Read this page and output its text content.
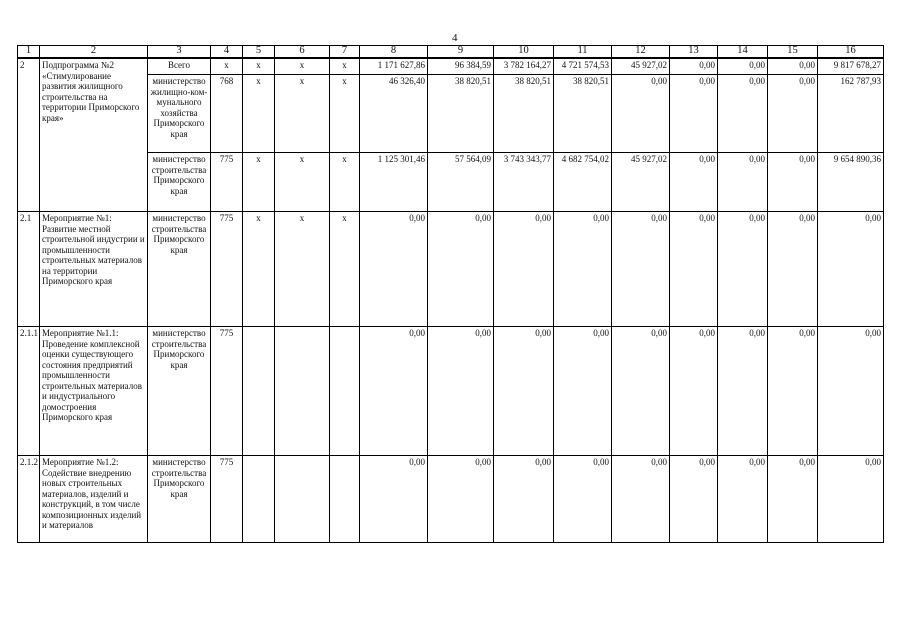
4
1	2	3	4	5	6	7	8	9	10	11	12	13	14	15	16
2	Подпрограмма №2 «Стимулирование развития жилищного строительства на территории Приморского края»	Всего	х	х	х	х	1 171 627,86	96 384,59	3 782 164,27	4 721 574,53	45 927,02	0,00	0,00	0,00	9 817 678,27
		министерство жилищно-ком-мунального хозяйства Приморского края	768	х	х	х	46 326,40	38 820,51	38 820,51	38 820,51	0,00	0,00	0,00	0,00	162 787,93
		министерство строительства Приморского края	775	х	х	х	1 125 301,46	57 564,09	3 743 343,77	4 682 754,02	45 927,02	0,00	0,00	0,00	9 654 890,36
2.1	Мероприятие №1: Развитие местной строительной индустрии и промышленности строительных материалов на территории Приморского края	министерство строительства Приморского края	775	х	х	х	0,00	0,00	0,00	0,00	0,00	0,00	0,00	0,00	0,00
2.1.1	Мероприятие №1.1: Проведение комплексной оценки существующего состояния предприятий промышленности строительных материалов и индустриального домостроения Приморского края	министерство строительства Приморского края	775				0,00	0,00	0,00	0,00	0,00	0,00	0,00	0,00	0,00
2.1.2	Мероприятие №1.2: Содействие внедрению новых строительных материалов, изделий и конструкций, в том числе композиционных изделий и материалов	министерство строительства Приморского края	775				0,00	0,00	0,00	0,00	0,00	0,00	0,00	0,00	0,00
